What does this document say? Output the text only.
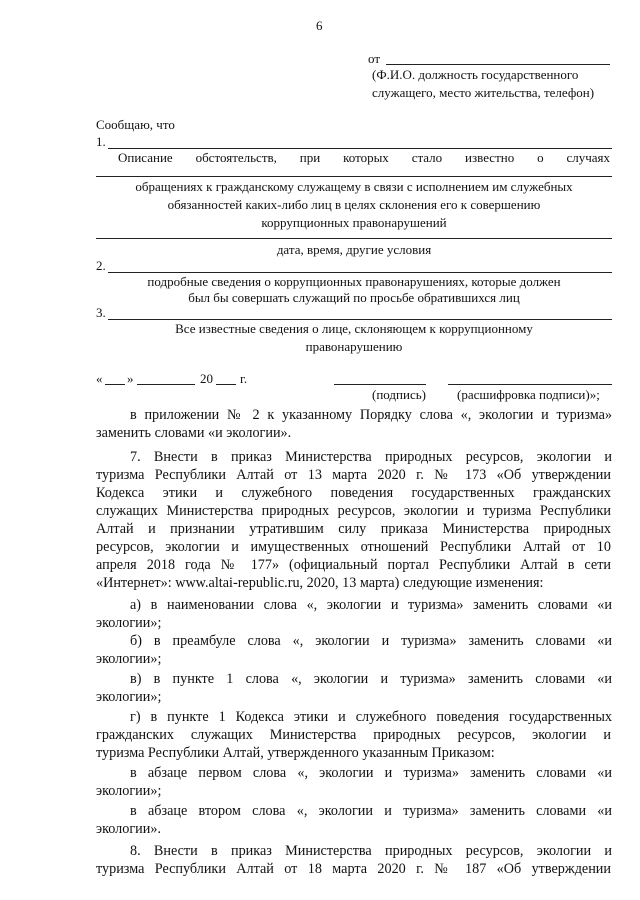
6
от
(Ф.И.О. должность государственного
служащего, место жительства, телефон)
Сообщаю, что
1.
Описание обстоятельств, при которых стало известно о случаях
обращениях к гражданскому служащему в связи с исполнением им служебных
обязанностей каких-либо лиц в целях склонения его к совершению
коррупционных правонарушений
дата, время, другие условия
2.
подробные сведения о коррупционных правонарушениях, которые должен
был бы совершать служащий по просьбе обратившихся лиц
3.
Все известные сведения о лице, склоняющем к коррупционному
правонарушению
« »	20 г.
(подпись) (расшифровка подписи)»;
в приложении № 2 к указанному Порядку слова «, экологии и туризма»
заменить словами «и экологии».
7. Внести в приказ Министерства природных ресурсов, экологии и
туризма Республики Алтай от 13 марта 2020 г. № 173 «Об утверждении
Кодекса этики и служебного поведения государственных гражданских
служащих Министерства природных ресурсов, экологии и туризма Республики
Алтай и признании утратившим силу приказа Министерства природных
ресурсов, экологии и имущественных отношений Республики Алтай от 10
апреля 2018 года № 177» (официальный портал Республики Алтай в сети
«Интернет»: www.altai-republic.ru, 2020, 13 марта) следующие изменения:
а) в наименовании слова «, экологии и туризма» заменить словами «и
экологии»;
б) в преамбуле слова «, экологии и туризма» заменить словами «и
экологии»;
в) в пункте 1 слова «, экологии и туризма» заменить словами «и
экологии»;
г) в пункте 1 Кодекса этики и служебного поведения государственных
гражданских служащих Министерства природных ресурсов, экологии и
туризма Республики Алтай, утвержденного указанным Приказом:
в абзаце первом слова «, экологии и туризма» заменить словами «и
экологии»;
в абзаце втором слова «, экологии и туризма» заменить словами «и
экологии».
8. Внести в приказ Министерства природных ресурсов, экологии и
туризма Республики Алтай от 18 марта 2020 г. № 187 «Об утверждении
